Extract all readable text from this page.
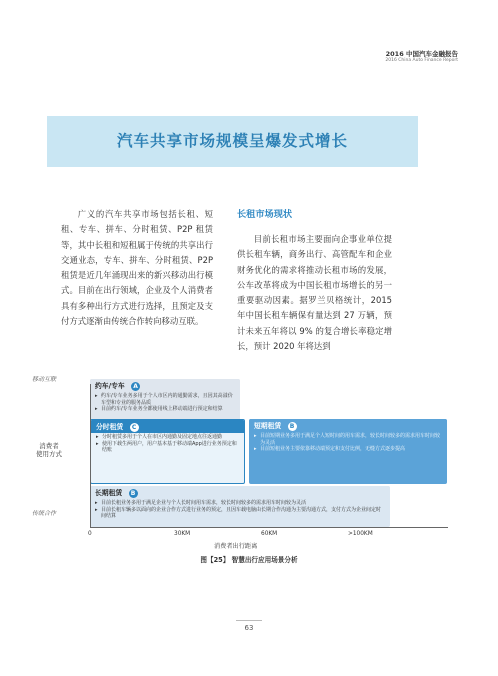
2016 中国汽车金融报告
2016 China Auto Finance Report
汽车共享市场规模呈爆发式增长
广义的汽车共享市场包括长租、短租、专车、拼车、分时租赁、P2P 租赁等，其中长租和短租属于传统的共享出行交通业态，专车、拼车、分时租赁、P2P 租赁是近几年涌现出来的新兴移动出行模式。目前在出行领域，企业及个人消费者具有多种出行方式进行选择，且预定及支付方式逐渐由传统合作转向移动互联。
长租市场现状
目前长租市场主要面向企事业单位提供长租车辆，商务出行、高管配车和企业财务优化的需求将推动长租市场的发展，公车改革将成为中国长租市场增长的另一重要驱动因素。据罗兰贝格统计，2015 年中国长租车辆保有量达到 27 万辆，预计未来五年将以 9% 的复合增长率稳定增长，预计 2020 年将达到
移动互联
消费者
使用方式
传统合作
约车/专车 A
▸ 约车/专车业务多用于个人市区内的通勤需求，且因其高溢价车型和专业的服务品质
▸ 目前约车/专车业务全都使用线上移动端进行预定和结算
分时租赁 C
▸ 分时租赁多用于个人在市区内通勤及固定地点往返通勤
▸ 使用下载生两用户，用户基本基于移动端App进行业务预定和结账
短期租赁 B
▸ 目前短期业务多用于满足个人短时间的用车需求，较长时间较多的需求用车时间较为灵活
▸ 目前短租业务主要依靠移动端预定和支付比例，无缝方式逐步提高
长期租赁 B
▸ 目前长租业务多用于满足企业与个人长时间用车需求，较长时间较多的需求用车时间较为灵活
▸ 目前长租车辆多以面向的企业合作方式进行业务的预定，且因车载电脑由长期合作沟通为主要沟通方式，支付方式为企业间定时间结算
0	30KM	60KM	>100KM
消费者出行距离
图【25】 智慧出行应用场景分析
63
